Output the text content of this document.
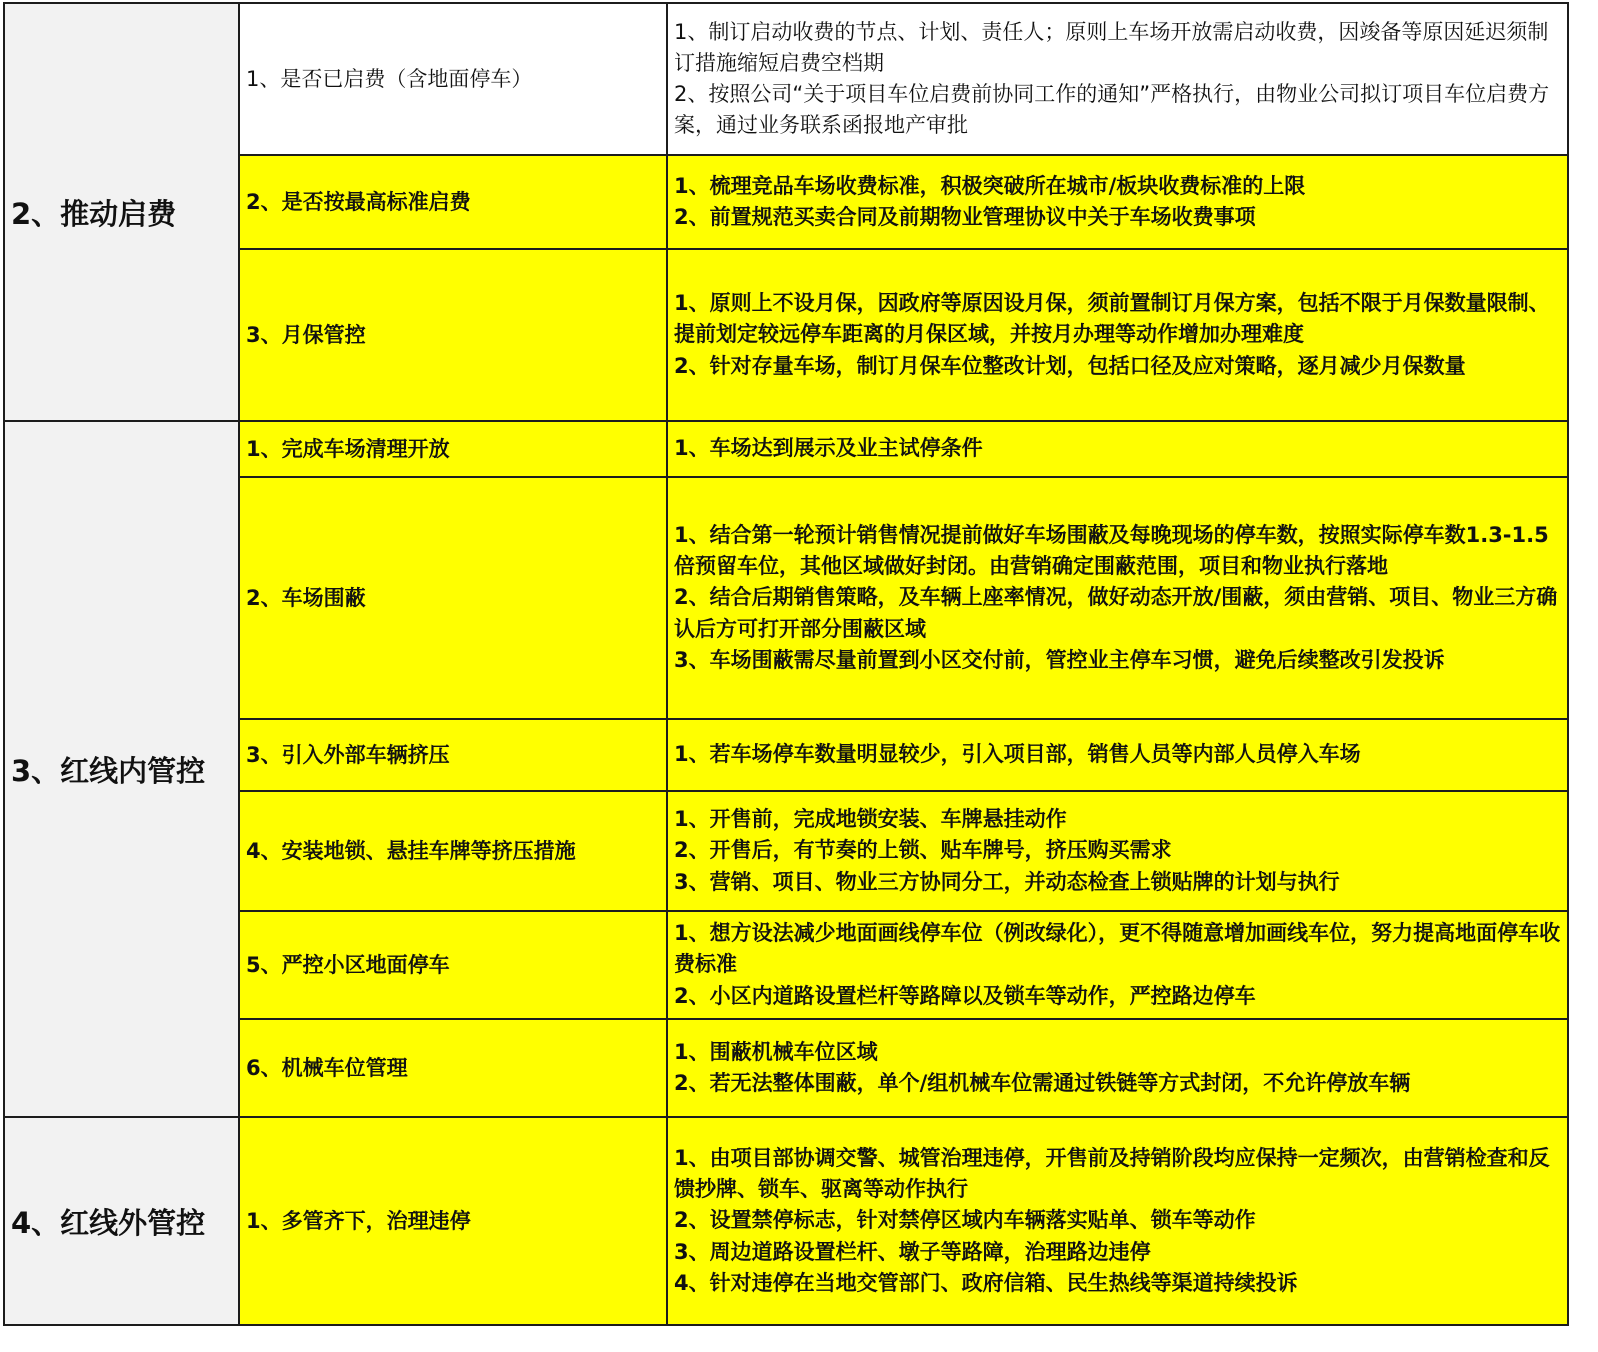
2、推动启费	1、是否已启费（含地面停车）	1、制订启动收费的节点、计划、责任人；原则上车场开放需启动收费，因竣备等原因延迟须制订措施缩短启费空档期
2、按照公司“关于项目车位启费前协同工作的通知”严格执行，由物业公司拟订项目车位启费方案，通过业务联系函报地产审批

	2、是否按最高标准启费	1、梳理竞品车场收费标准，积极突破所在城市/板块收费标准的上限
2、前置规范买卖合同及前期物业管理协议中关于车场收费事项

	3、月保管控	1、原则上不设月保，因政府等原因设月保，须前置制订月保方案，包括不限于月保数量限制、提前划定较远停车距离的月保区域，并按月办理等动作增加办理难度
2、针对存量车场，制订月保车位整改计划，包括口径及应对策略，逐月减少月保数量

3、红线内管控	1、完成车场清理开放	1、车场达到展示及业主试停条件

	2、车场围蔽	1、结合第一轮预计销售情况提前做好车场围蔽及每晚现场的停车数，按照实际停车数1.3-1.5倍预留车位，其他区域做好封闭。由营销确定围蔽范围，项目和物业执行落地
2、结合后期销售策略，及车辆上座率情况，做好动态开放/围蔽，须由营销、项目、物业三方确认后方可打开部分围蔽区域
3、车场围蔽需尽量前置到小区交付前，管控业主停车习惯，避免后续整改引发投诉

	3、引入外部车辆挤压	1、若车场停车数量明显较少，引入项目部，销售人员等内部人员停入车场

	4、安装地锁、悬挂车牌等挤压措施	1、开售前，完成地锁安装、车牌悬挂动作
2、开售后，有节奏的上锁、贴车牌号，挤压购买需求
3、营销、项目、物业三方协同分工，并动态检查上锁贴牌的计划与执行

	5、严控小区地面停车	1、想方设法减少地面画线停车位（例改绿化），更不得随意增加画线车位，努力提高地面停车收费标准
2、小区内道路设置栏杆等路障以及锁车等动作，严控路边停车

	6、机械车位管理	1、围蔽机械车位区域
2、若无法整体围蔽，单个/组机械车位需通过铁链等方式封闭，不允许停放车辆

4、红线外管控	1、多管齐下，治理违停	1、由项目部协调交警、城管治理违停，开售前及持销阶段均应保持一定频次，由营销检查和反馈抄牌、锁车、驱离等动作执行
2、设置禁停标志，针对禁停区域内车辆落实贴单、锁车等动作
3、周边道路设置栏杆、墩子等路障，治理路边违停
4、针对违停在当地交管部门、政府信箱、民生热线等渠道持续投诉
